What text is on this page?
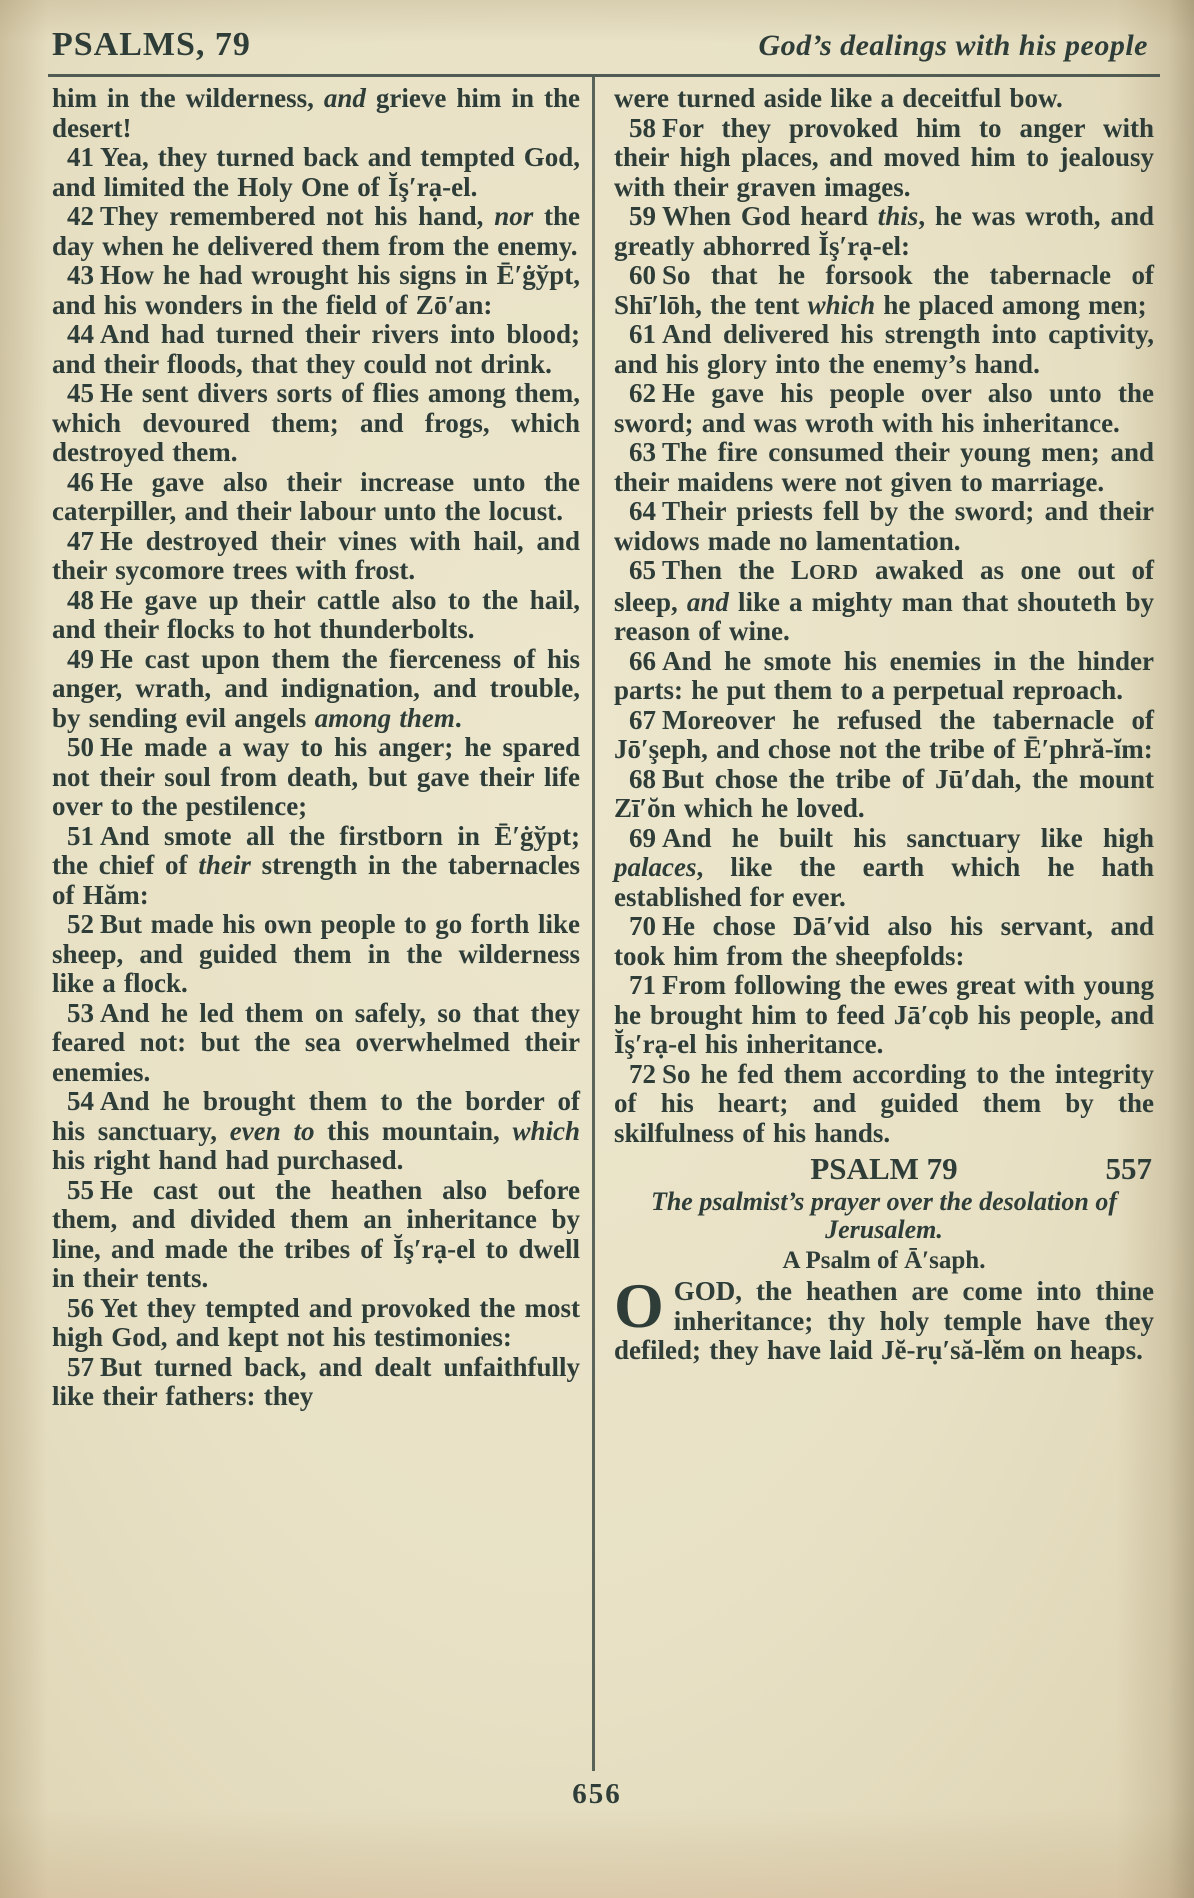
PSALMS, 79	God’s dealings with his people

him in the wilderness, and grieve him in the desert!

41 Yea, they turned back and tempted God, and limited the Holy One of Ĭş′rạ-el.

42 They remembered not his hand, nor the day when he delivered them from the enemy.

43 How he had wrought his signs in Ē′ġўpt, and his wonders in the field of Zō′an:

44 And had turned their rivers into blood; and their floods, that they could not drink.

45 He sent divers sorts of flies among them, which devoured them; and frogs, which destroyed them.

46 He gave also their increase unto the caterpiller, and their labour unto the locust.

47 He destroyed their vines with hail, and their sycomore trees with frost.

48 He gave up their cattle also to the hail, and their flocks to hot thunderbolts.

49 He cast upon them the fierceness of his anger, wrath, and indignation, and trouble, by sending evil angels among them.

50 He made a way to his anger; he spared not their soul from death, but gave their life over to the pestilence;

51 And smote all the firstborn in Ē′ġўpt; the chief of their strength in the tabernacles of Hăm:

52 But made his own people to go forth like sheep, and guided them in the wilderness like a flock.

53 And he led them on safely, so that they feared not: but the sea overwhelmed their enemies.

54 And he brought them to the border of his sanctuary, even to this mountain, which his right hand had purchased.

55 He cast out the heathen also before them, and divided them an inheritance by line, and made the tribes of Ĭş′rạ-el to dwell in their tents.

56 Yet they tempted and provoked the most high God, and kept not his testimonies:

57 But turned back, and dealt unfaithfully like their fathers: they

were turned aside like a deceitful bow.

58 For they provoked him to anger with their high places, and moved him to jealousy with their graven images.

59 When God heard this, he was wroth, and greatly abhorred Ĭş′rạ-el:

60 So that he forsook the tabernacle of Shī′lōh, the tent which he placed among men;

61 And delivered his strength into captivity, and his glory into the enemy’s hand.

62 He gave his people over also unto the sword; and was wroth with his inheritance.

63 The fire consumed their young men; and their maidens were not given to marriage.

64 Their priests fell by the sword; and their widows made no lamentation.

65 Then the LORD awaked as one out of sleep, and like a mighty man that shouteth by reason of wine.

66 And he smote his enemies in the hinder parts: he put them to a perpetual reproach.

67 Moreover he refused the tabernacle of Jō′şeph, and chose not the tribe of Ē′phră-ĭm:

68 But chose the tribe of Jū′dah, the mount Zī′ŏn which he loved.

69 And he built his sanctuary like high palaces, like the earth which he hath established for ever.

70 He chose Dā′vid also his servant, and took him from the sheepfolds:

71 From following the ewes great with young he brought him to feed Jā′cọb his people, and Ĭş′rạ-el his inheritance.

72 So he fed them according to the integrity of his heart; and guided them by the skilfulness of his hands.

PSALM 79	557

The psalmist’s prayer over the desolation of Jerusalem.

A Psalm of Ā′saph.

OGOD, the heathen are come into thine inheritance; thy holy temple have they defiled; they have laid Jĕ-rụ′să-lĕm on heaps.

656
